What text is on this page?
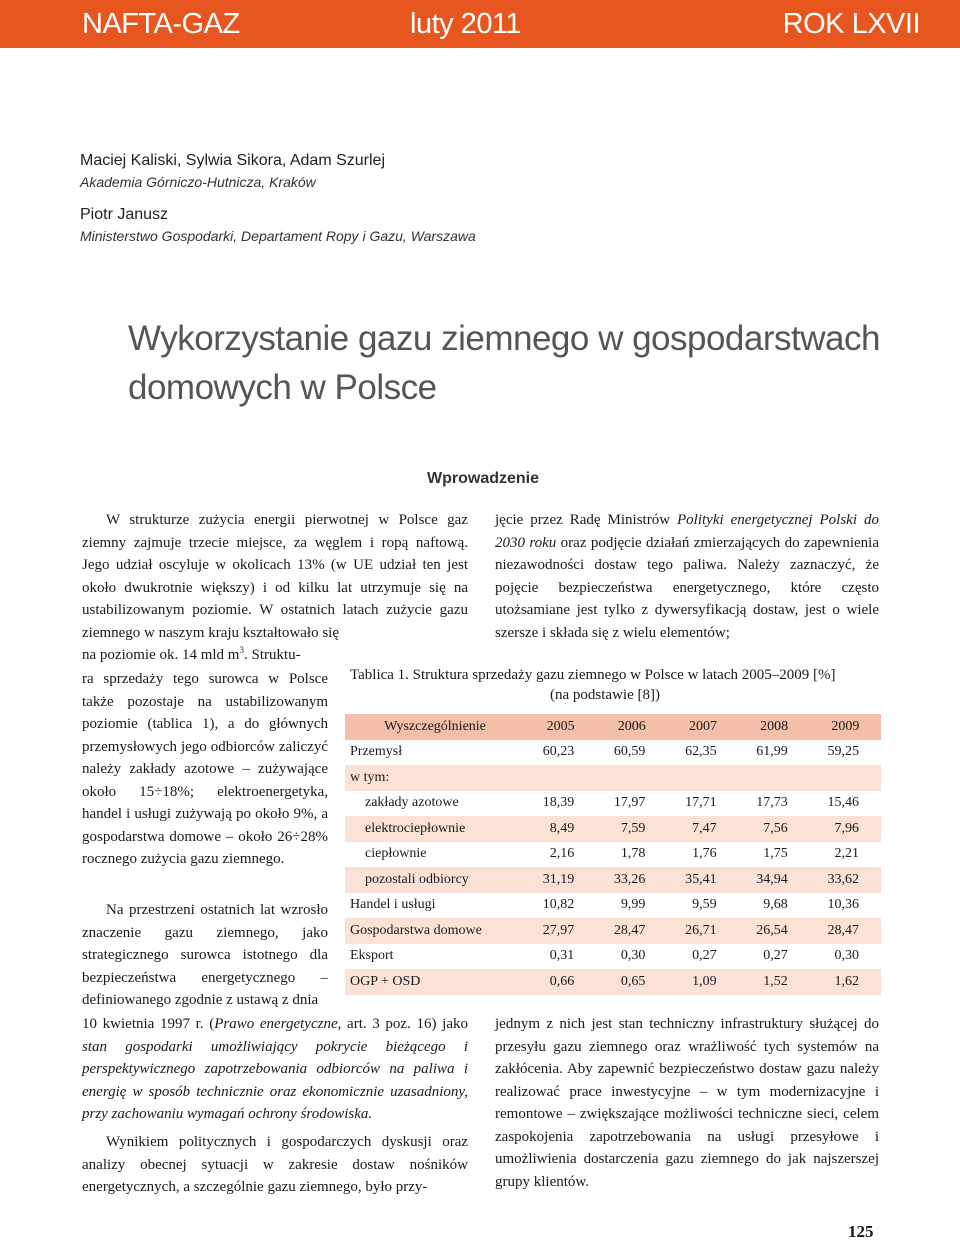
NAFTA-GAZ	luty 2011	ROK LXVII
Maciej Kaliski, Sylwia Sikora, Adam Szurlej
Akademia Górniczo-Hutnicza, Kraków
Piotr Janusz
Ministerstwo Gospodarki, Departament Ropy i Gazu, Warszawa
Wykorzystanie gazu ziemnego w gospodarstwach
domowych w Polsce
Wprowadzenie

W strukturze zużycia energii pierwotnej w Polsce gaz ziemny zajmuje trzecie miejsce, za węglem i ropą naftową. Jego udział oscyluje w okolicach 13% (w UE udział ten jest około dwukrotnie większy) i od kilku lat utrzymuje się na ustabilizowanym poziomie. W ostatnich latach zużycie gazu ziemnego w naszym kraju kształtowało się

na poziomie ok. 14 mld $m^3$. Struktu-

ra sprzedaży tego surowca w Polsce także pozostaje na ustabilizowanym poziomie (tablica 1), a do głównych przemysłowych jego odbiorców zaliczyć należy zakłady azotowe – zużywające około 15÷18%; elektroenergetyka, handel i usługi zużywają po około 9%, a gospodarstwa domowe – około 26÷28% rocznego zużycia gazu ziemnego.

Na przestrzeni ostatnich lat wzrosło znaczenie gazu ziemnego, jako strategicznego surowca istotnego dla bezpieczeństwa energetycznego – definiowanego zgodnie z ustawą z dnia

10 kwietnia 1997 r. (Prawo energetyczne, art. 3 poz. 16) jako stan gospodarki umożliwiający pokrycie bieżącego i perspektywicznego zapotrzebowania odbiorców na paliwa i energię w sposób technicznie oraz ekonomicznie uzasadniony, przy zachowaniu wymagań ochrony środowiska.

Wynikiem politycznych i gospodarczych dyskusji oraz analizy obecnej sytuacji w zakresie dostaw nośników energetycznych, a szczególnie gazu ziemnego, było przy-

jęcie przez Radę Ministrów Polityki energetycznej Polski do 2030 roku oraz podjęcie działań zmierzających do zapewnienia niezawodności dostaw tego paliwa. Należy zaznaczyć, że pojęcie bezpieczeństwa energetycznego, które często utożsamiane jest tylko z dywersyfikacją dostaw, jest o wiele szersze i składa się z wielu elementów;

Tablica 1. Struktura sprzedaży gazu ziemnego w Polsce w latach 2005–2009 [%]
(na podstawie [8])
Wyszczególnienie	2005	2006	2007	2008	2009
Przemysł	60,23	60,59	62,35	61,99	59,25
w tym:					
zakłady azotowe	18,39	17,97	17,71	17,73	15,46
elektrociepłownie	8,49	7,59	7,47	7,56	7,96
ciepłownie	2,16	1,78	1,76	1,75	2,21
pozostali odbiorcy	31,19	33,26	35,41	34,94	33,62
Handel i usługi	10,82	9,99	9,59	9,68	10,36
Gospodarstwa domowe	27,97	28,47	26,71	26,54	28,47
Eksport	0,31	0,30	0,27	0,27	0,30
OGP + OSD	0,66	0,65	1,09	1,52	1,62

jednym z nich jest stan techniczny infrastruktury służącej do przesyłu gazu ziemnego oraz wrażliwość tych systemów na zakłócenia. Aby zapewnić bezpieczeństwo dostaw gazu należy realizować prace inwestycyjne – w tym modernizacyjne i remontowe – zwiększające możliwości techniczne sieci, celem zaspokojenia zapotrzebowania na usługi przesyłowe i umożliwienia dostarczenia gazu ziemnego do jak najszerszej grupy klientów.

125
